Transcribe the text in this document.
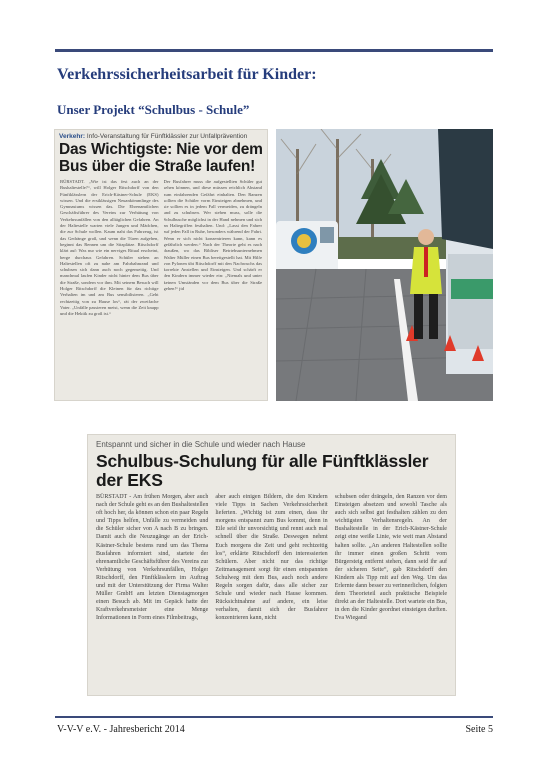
Verkehrssicherheitsarbeit für Kinder:
Unser Projekt “Schulbus - Schule”
Verkehr: Info-Veranstaltung für Fünftklässler zur Unfallprävention
Das Wichtigste: Nie vor dem Bus über die Straße laufen!
BÜRSTADT. „Wie ist das fest auch an der Bushaltestelle?“, will Holger Ritschdorff von den Fünftklässlern der Erich-Kästner-Schule (EKS) wissen. Und die erstklässigen Neuankömmlinge des Gymnasiums wissen das. Die Ehrenamtlichen Geschäftsführer des Vereins zur Verhütung von Verkehrsunfällen von den alltäglichen Gefahren. An der Haltestelle warten viele Jungen und Mädchen, die zur Schule wollen. Kaum naht das Fahrzeug, ist das Gedränge groß, und wenn die Türen aufgehen, beginnt das Rennen um die Sitzplätze. Ritschdorff klärt auf: Was nur wie ein nerviges Ritual erscheint, berge durchaus Gefahren. Schüler stehen an Haltestellen oft zu nahe am Fahrbahnrand und schubsen sich dann auch noch gegenseitig. Und manchmal laufen Kinder nicht hinter dem Bus über die Straße, sondern vor ihm. Mit seinem Besuch will Holger Ritschdorff die Kleinen für das richtige Verhalten im und am Bus sensibilisieren. „Geht rechtzeitig von zu Hause los“, rät der zweifache Vater. „Unfälle passieren meist, wenn die Zeit knapp und die Hektik zu groß ist.“
Der Busfahrer muss die aufgestellten Schüler gut sehen können, und diese müssen reichlich Abstand zum einfahrenden Gefährt einhalten. Den Ranzen sollten die Schüler vorm Einsteigen abnehmen, und sie sollten es in jedem Fall vermeiden, zu drängeln und zu schubsen. Wer stehen muss, solle die Schulbusche möglichst in der Hand nehmen und sich an Haltegriffen festhalten. Und: „Lasst den Fahrer auf jeden Fall in Ruhe, besonders während der Fahrt. Wenn er sich nicht konzentrieren kann, kann es gefährlich werden.“ Nach der Theorie geht es nach draußen, wo das Bibliser Betriebsunternehmen Walter Müller einen Bus bereitgestellt hat. Mit Hilfe von Pylonen übt Ritschdorff mit den Nachwuchs das korrekte Anstellen und Einsteigen. Und schärft er den Kindern immer wieder ein: „Niemals und unter keinen Umständen vor dem Bus über die Straße gehen!“ jtd
Entspannt und sicher in die Schule und wieder nach Hause
Schulbus-Schulung für alle Fünftklässler der EKS
BÜRSTADT - Am frühen Morgen, aber auch nach der Schule geht es an den Bushaltestellen oft hoch her, da können schon ein paar Regeln und Tipps helfen, Unfälle zu vermeiden und die Schüler sicher von A nach B zu bringen. Damit auch die Neuzugänge an der Erich-Kästner-Schule bestens rund um das Thema Busfahren informiert sind, startete der ehrenamtliche Geschäftsführer des Vereins zur Verhütung von Verkehrsunfällen, Holger Ritschdorff, den Fünftklässlern im Auftrag und mit der Unterstützung der Firma Walter Müller GmbH am letzten Dienstagmorgen einen Besuch ab. Mit im Gepäck hatte der Kraftverkehrsmeister eine Menge Informationen in Form eines Filmbeitrags,
aber auch einigen Bildern, die den Kindern viele Tipps in Sachen Verkehrssicherheit lieferten. „Wichtig ist zum einen, dass ihr morgens entspannt zum Bus kommt, denn in Eile seid ihr unvorsichtig und rennt auch mal schnell über die Straße. Deswegen nehmt Euch morgens die Zeit und geht rechtzeitig los“, erklärte Ritschdorff den interessierten Schülern. Aber nicht nur das richtige Zeitmanagement sorgt für einen entspannten Schulweg mit dem Bus, auch noch andere Regeln sorgen dafür, dass alle sicher zur Schule und wieder nach Hause kommen. Rücksichtnahme auf andere, ein leise verhalten, damit sich der Busfahrer konzentrieren kann, nicht
schubsen oder drängeln, den Ranzen vor dem Einsteigen absetzen und sowohl Tasche als auch sich selbst gut festhalten zählen zu den wichtigsten Verhaltensregeln. An der Bushaltestelle in der Erich-Kästner-Schule zeigt eine weiße Linie, wie weit man Abstand halten sollte. „An anderen Haltestellen sollte ihr immer einen großen Schritt vom Bürgersteig entfernt stehen, dann seid ihr auf der sicheren Seite“, gab Ritschdorff den Kindern als Tipp mit auf den Weg. Um das Erlernte dann besser zu verinnerlichen, folgten dem Theorieteil auch praktische Beispiele direkt an der Haltestelle. Dort wartete ein Bus, in den die Kinder geordnet einsteigen durften. Eva Wiegand
V-V-V e.V. - Jahresbericht 2014	Seite 5
